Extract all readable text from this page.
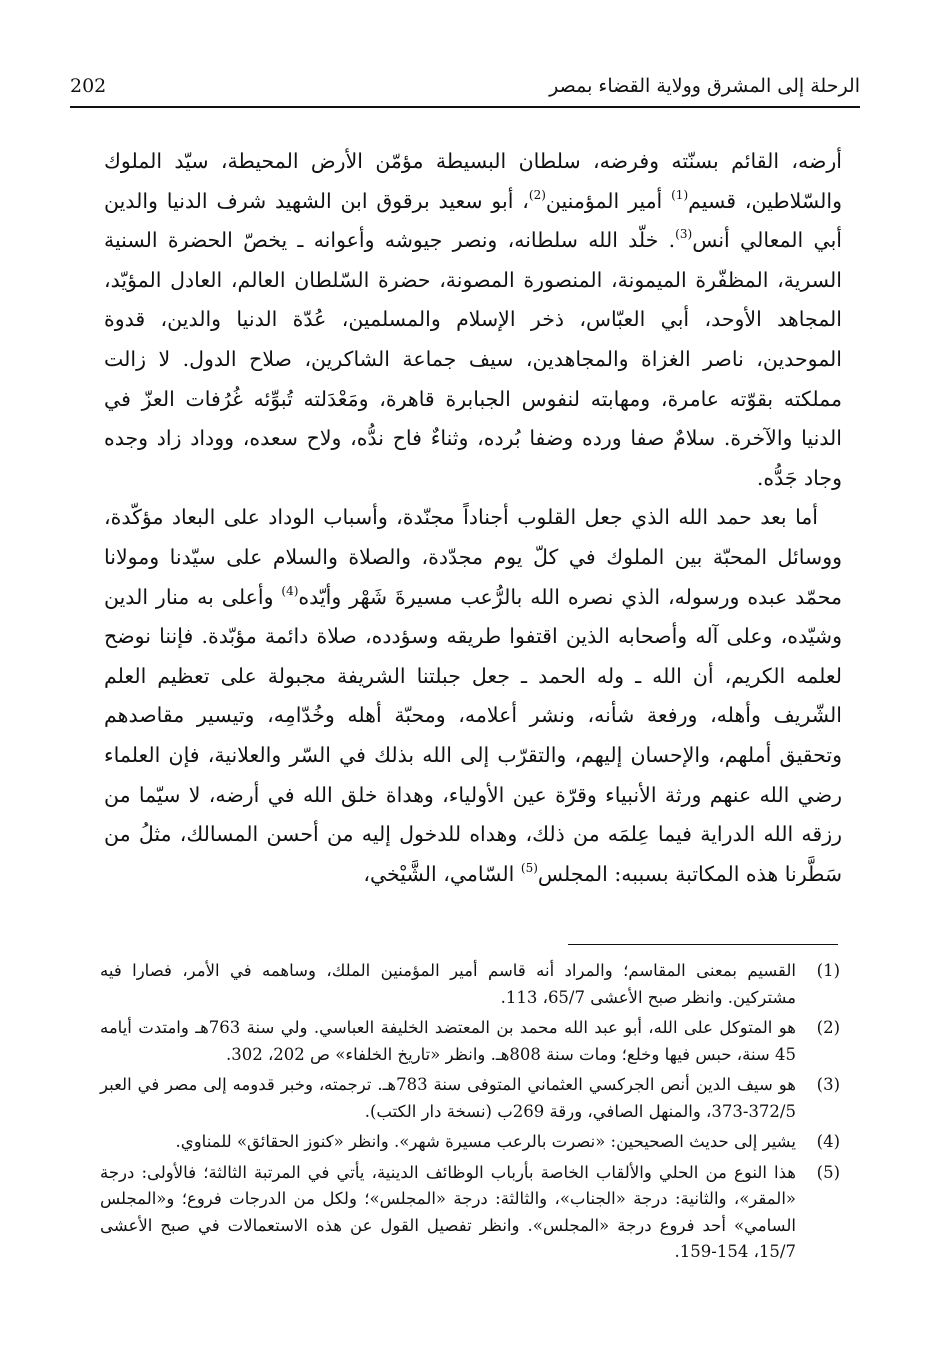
الرحلة إلى المشرق وولاية القضاء بمصر
202

أرضه، القائم بسنّته وفرضه، سلطان البسيطة مؤمّن الأرض المحيطة، سيّد الملوك والسّلاطين، قسيم$^{(1)}$ أمير المؤمنين$^{(2)}$، أبو سعيد برقوق ابن الشهيد شرف الدنيا والدين أبي المعالي أنس$^{(3)}$. خلّد الله سلطانه، ونصر جيوشه وأعوانه ـ يخصّ الحضرة السنية السرية، المظفّرة الميمونة، المنصورة المصونة، حضرة السّلطان العالم، العادل المؤيّد، المجاهد الأوحد، أبي العبّاس، ذخر الإسلام والمسلمين، عُدّة الدنيا والدين، قدوة الموحدين، ناصر الغزاة والمجاهدين، سيف جماعة الشاكرين، صلاح الدول. لا زالت مملكته بقوّته عامرة، ومهابته لنفوس الجبابرة قاهرة، ومَعْدَلته تُبوِّئه غُرُفات العزّ في الدنيا والآخرة. سلامٌ صفا ورده وضفا بُرده، وثناءٌ فاح ندُّه، ولاح سعده، ووداد زاد وجده وجاد جَدُّه.

أما بعد حمد الله الذي جعل القلوب أجناداً مجنّدة، وأسباب الوداد على البعاد مؤكّدة، ووسائل المحبّة بين الملوك في كلّ يوم مجدّدة، والصلاة والسلام على سيّدنا ومولانا محمّد عبده ورسوله، الذي نصره الله بالرُّعب مسيرةَ شَهْر وأيّده$^{(4)}$ وأعلى به منار الدين وشيّده، وعلى آله وأصحابه الذين اقتفوا طريقه وسؤدده، صلاة دائمة مؤبّدة. فإننا نوضح لعلمه الكريم، أن الله ـ وله الحمد ـ جعل جبلتنا الشريفة مجبولة على تعظيم العلم الشّريف وأهله، ورفعة شأنه، ونشر أعلامه، ومحبّة أهله وخُدّامِه، وتيسير مقاصدهم وتحقيق أملهم، والإحسان إليهم، والتقرّب إلى الله بذلك في السّر والعلانية، فإن العلماء رضي الله عنهم ورثة الأنبياء وقرّة عين الأولياء، وهداة خلق الله في أرضه، لا سيّما من رزقه الله الدراية فيما عِلمَه من ذلك، وهداه للدخول إليه من أحسن المسالك، مثلُ من سَطَّرنا هذه المكاتبة بسببه: المجلس$^{(5)}$ السّامي، الشَّيْخي،

(1)
القسيم بمعنى المقاسم؛ والمراد أنه قاسم أمير المؤمنين الملك، وساهمه في الأمر، فصارا فيه مشتركين. وانظر صبح الأعشى 65/7، 113.
(2)
هو المتوكل على الله، أبو عبد الله محمد بن المعتضد الخليفة العباسي. ولي سنة 763هـ وامتدت أيامه 45 سنة، حبس فيها وخلع؛ ومات سنة 808هـ. وانظر «تاريخ الخلفاء» ص 202، 302.
(3)
هو سيف الدين أنص الجركسي العثماني المتوفى سنة 783هـ. ترجمته، وخبر قدومه إلى مصر في العبر 372/5-373، والمنهل الصافي، ورقة 269ب (نسخة دار الكتب).
(4)
يشير إلى حديث الصحيحين: «نصرت بالرعب مسيرة شهر». وانظر «كنوز الحقائق» للمناوي.
(5)
هذا النوع من الحلي والألقاب الخاصة بأرباب الوظائف الدينية، يأتي في المرتبة الثالثة؛ فالأولى: درجة «المقر»، والثانية: درجة «الجناب»، والثالثة: درجة «المجلس»؛ ولكل من الدرجات فروع؛ و«المجلس السامي» أحد فروع درجة «المجلس». وانظر تفصيل القول عن هذه الاستعمالات في صبح الأعشى 15/7، 154-159.
